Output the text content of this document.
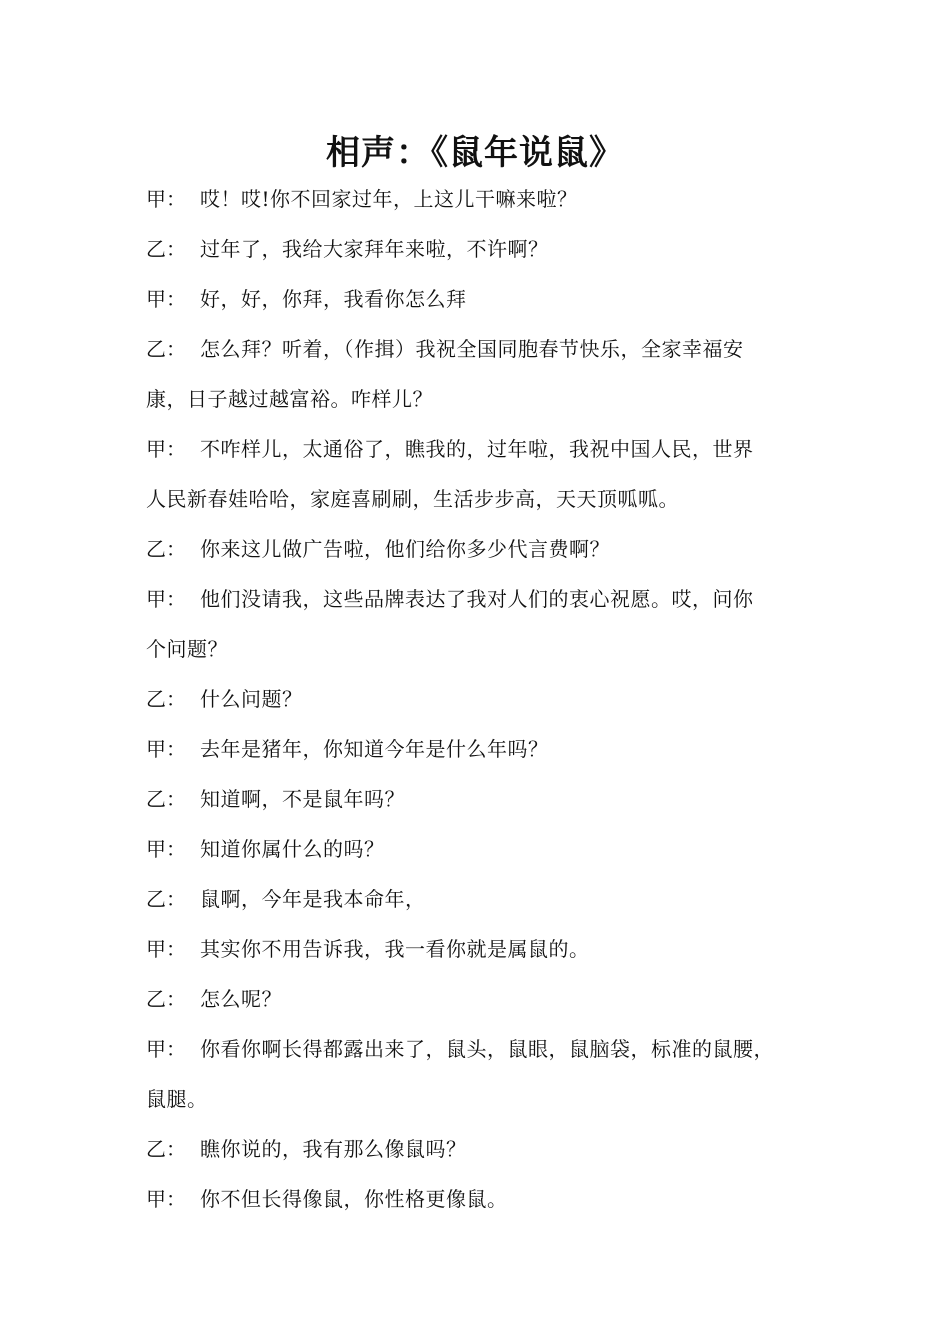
相声：《鼠年说鼠》
甲： 哎！哎!你不回家过年，上这儿干嘛来啦？
乙： 过年了，我给大家拜年来啦，不许啊？
甲： 好，好，你拜，我看你怎么拜
乙： 怎么拜？听着，（作揖）我祝全国同胞春节快乐，全家幸福安
康，日子越过越富裕。咋样儿？
甲： 不咋样儿，太通俗了，瞧我的，过年啦，我祝中国人民，世界
人民新春娃哈哈，家庭喜刷刷，生活步步高，天天顶呱呱。
乙： 你来这儿做广告啦，他们给你多少代言费啊？
甲： 他们没请我，这些品牌表达了我对人们的衷心祝愿。哎，问你
个问题？
乙： 什么问题？
甲： 去年是猪年，你知道今年是什么年吗？
乙： 知道啊，不是鼠年吗？
甲： 知道你属什么的吗？
乙： 鼠啊，今年是我本命年，
甲： 其实你不用告诉我，我一看你就是属鼠的。
乙： 怎么呢？
甲： 你看你啊长得都露出来了，鼠头，鼠眼，鼠脑袋，标准的鼠腰，
鼠腿。
乙： 瞧你说的，我有那么像鼠吗？
甲： 你不但长得像鼠，你性格更像鼠。
